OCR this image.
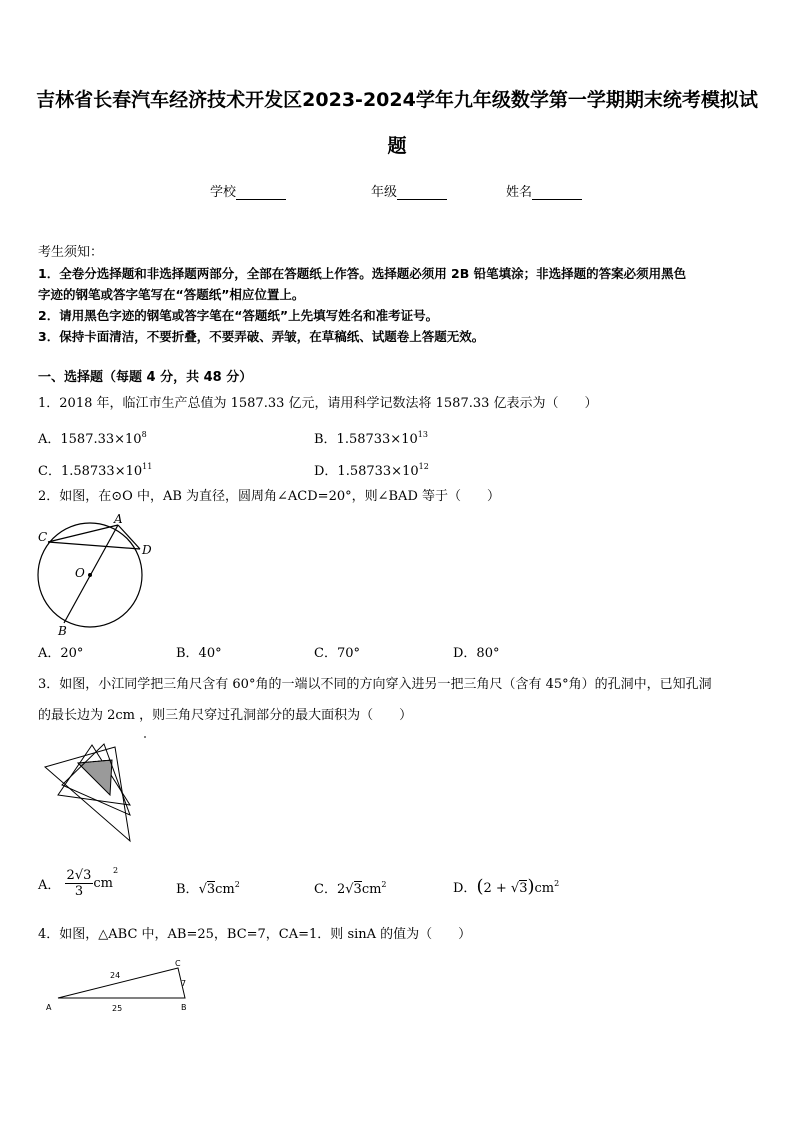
吉林省长春汽车经济技术开发区2023-2024学年九年级数学第一学期期末统考模拟试
题
学校	年级	姓名
考生须知：
1．全卷分选择题和非选择题两部分，全部在答题纸上作答。选择题必须用 2B 铅笔填涂；非选择题的答案必须用黑色
字迹的钢笔或答字笔写在“答题纸”相应位置上。
2．请用黑色字迹的钢笔或答字笔在“答题纸”上先填写姓名和准考证号。
3．保持卡面清洁，不要折叠，不要弄破、弄皱，在草稿纸、试题卷上答题无效。
一、选择题（每题 4 分，共 48 分）
1．2018 年，临江市生产总值为 1587.33 亿元，请用科学记数法将 1587.33 亿表示为（　　）
A．$1587.33\times 10^8$	B．$1.58733\times 10^{13}$
C．$1.58733\times 10^{11}$	D．$1.58733\times 10^{12}$
2．如图，在⊙O 中，AB 为直径，圆周角∠ACD=20°，则∠BAD 等于（　　）
A
C
D
O
B
A．20°	B．40°	C．70°	D．80°
3．如图，小江同学把三角尺含有 60°角的一端以不同的方向穿入进另一把三角尺（含有 45°角）的孔洞中，已知孔洞
的最长边为 2cm ，则三角尺穿过孔洞部分的最大面积为（　　）
A． $\frac{2√3}{3} cm^2$
B．$√3cm^2$	C．$2√3cm^2$	D．$(2 + √3)cm^2$
4．如图，△ABC 中，AB=25，BC=7，CA=1．则 sinA 的值为（　　）
A	B
C
25
24
7
